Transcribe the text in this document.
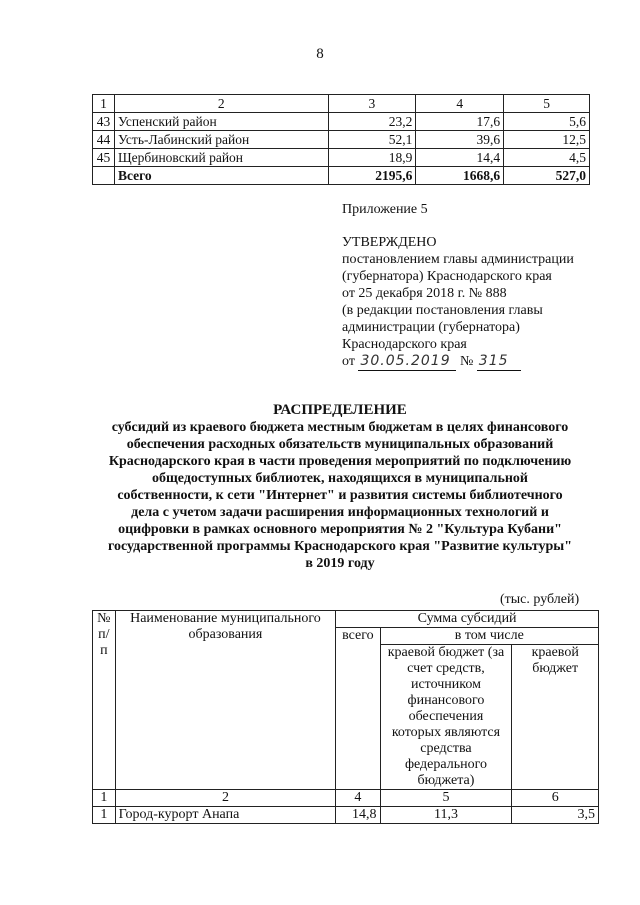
8
1	2	3	4	5
43	Успенский район	23,2	17,6	5,6
44	Усть-Лабинский район	52,1	39,6	12,5
45	Щербиновский район	18,9	14,4	4,5
	Всего	2195,6	1668,6	527,0
Приложение 5
УТВЕРЖДЕНО
постановлением главы администрации
(губернатора) Краснодарского края
от 25 декабря 2018 г. № 888
(в редакции постановления главы
администрации (губернатора)
Краснодарского края
от 30.05.2019 № 315
РАСПРЕДЕЛЕНИЕ
субсидий из краевого бюджета местным бюджетам в целях финансового
обеспечения расходных обязательств муниципальных образований
Краснодарского края в части проведения мероприятий по подключению
общедоступных библиотек, находящихся в муниципальной
собственности, к сети "Интернет" и развития системы библиотечного
дела с учетом задачи расширения информационных технологий и
оцифровки в рамках основного мероприятия № 2 "Культура Кубани"
государственной программы Краснодарского края "Развитие культуры"
в 2019 году
(тыс. рублей)
№ п/п	Наименование муниципального образования	Сумма субсидий		
		всего	в том числе	
			краевой бюджет (за счет средств, источником финансового обеспечения которых являются средства федерального бюджета)	краевой бюджет
1	2	4	5	6
1	Город-курорт Анапа	14,8	11,3	3,5
